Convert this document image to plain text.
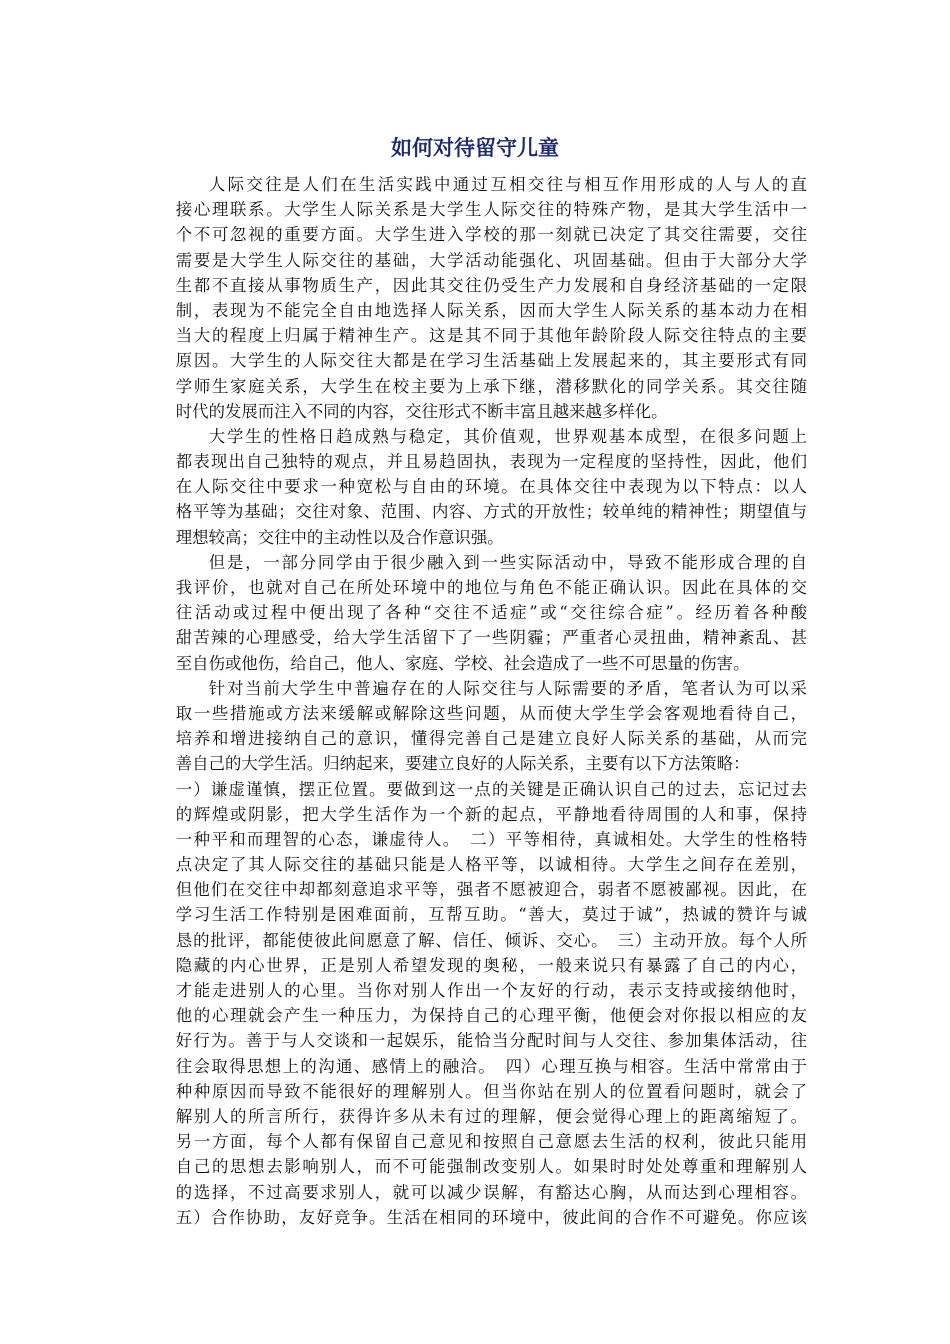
如何对待留守儿童
人际交往是人们在生活实践中通过互相交往与相互作用形成的人与人的直
接心理联系。大学生人际关系是大学生人际交往的特殊产物，是其大学生活中一
个不可忽视的重要方面。大学生进入学校的那一刻就已决定了其交往需要，交往
需要是大学生人际交往的基础，大学活动能强化、巩固基础。但由于大部分大学
生都不直接从事物质生产，因此其交往仍受生产力发展和自身经济基础的一定限
制，表现为不能完全自由地选择人际关系，因而大学生人际关系的基本动力在相
当大的程度上归属于精神生产。这是其不同于其他年龄阶段人际交往特点的主要
原因。大学生的人际交往大都是在学习生活基础上发展起来的，其主要形式有同
学师生家庭关系，大学生在校主要为上承下继，潜移默化的同学关系。其交往随
时代的发展而注入不同的内容，交往形式不断丰富且越来越多样化。
大学生的性格日趋成熟与稳定，其价值观，世界观基本成型，在很多问题上
都表现出自己独特的观点，并且易趋固执，表现为一定程度的坚持性，因此，他们
在人际交往中要求一种宽松与自由的环境。在具体交往中表现为以下特点：以人
格平等为基础；交往对象、范围、内容、方式的开放性；较单纯的精神性；期望值与
理想较高；交往中的主动性以及合作意识强。
但是，一部分同学由于很少融入到一些实际活动中，导致不能形成合理的自
我评价，也就对自己在所处环境中的地位与角色不能正确认识。因此在具体的交
往活动或过程中便出现了各种“交往不适症”或“交往综合症”。经历着各种酸
甜苦辣的心理感受，给大学生活留下了一些阴霾；严重者心灵扭曲，精神紊乱、甚
至自伤或他伤，给自己，他人、家庭、学校、社会造成了一些不可思量的伤害。
针对当前大学生中普遍存在的人际交往与人际需要的矛盾，笔者认为可以采
取一些措施或方法来缓解或解除这些问题，从而使大学生学会客观地看待自己，
培养和增进接纳自己的意识，懂得完善自己是建立良好人际关系的基础，从而完
善自己的大学生活。归纳起来，要建立良好的人际关系，主要有以下方法策略：
一）谦虚谨慎，摆正位置。要做到这一点的关键是正确认识自己的过去，忘记过去
的辉煌或阴影，把大学生活作为一个新的起点，平静地看待周围的人和事，保持
一种平和而理智的心态，谦虚待人。　二）平等相待，真诚相处。大学生的性格特
点决定了其人际交往的基础只能是人格平等，以诚相待。大学生之间存在差别，
但他们在交往中却都刻意追求平等，强者不愿被迎合，弱者不愿被鄙视。因此，在
学习生活工作特别是困难面前，互帮互助。“善大，莫过于诚”，热诚的赞许与诚
恳的批评，都能使彼此间愿意了解、信任、倾诉、交心。　三）主动开放。每个人所
隐藏的内心世界，正是别人希望发现的奥秘，一般来说只有暴露了自己的内心，
才能走进别人的心里。当你对别人作出一个友好的行动，表示支持或接纳他时，
他的心理就会产生一种压力，为保持自己的心理平衡，他便会对你报以相应的友
好行为。善于与人交谈和一起娱乐，能恰当分配时间与人交往、参加集体活动，往
往会取得思想上的沟通、感情上的融洽。　四）心理互换与相容。生活中常常由于
种种原因而导致不能很好的理解别人。但当你站在别人的位置看问题时，就会了
解别人的所言所行，获得许多从未有过的理解，便会觉得心理上的距离缩短了。
另一方面，每个人都有保留自己意见和按照自己意愿去生活的权利，彼此只能用
自己的思想去影响别人，而不可能强制改变别人。如果时时处处尊重和理解别人
的选择，不过高要求别人，就可以减少误解，有豁达心胸，从而达到心理相容。
五）合作协助，友好竞争。生活在相同的环境中，彼此间的合作不可避免。你应该
